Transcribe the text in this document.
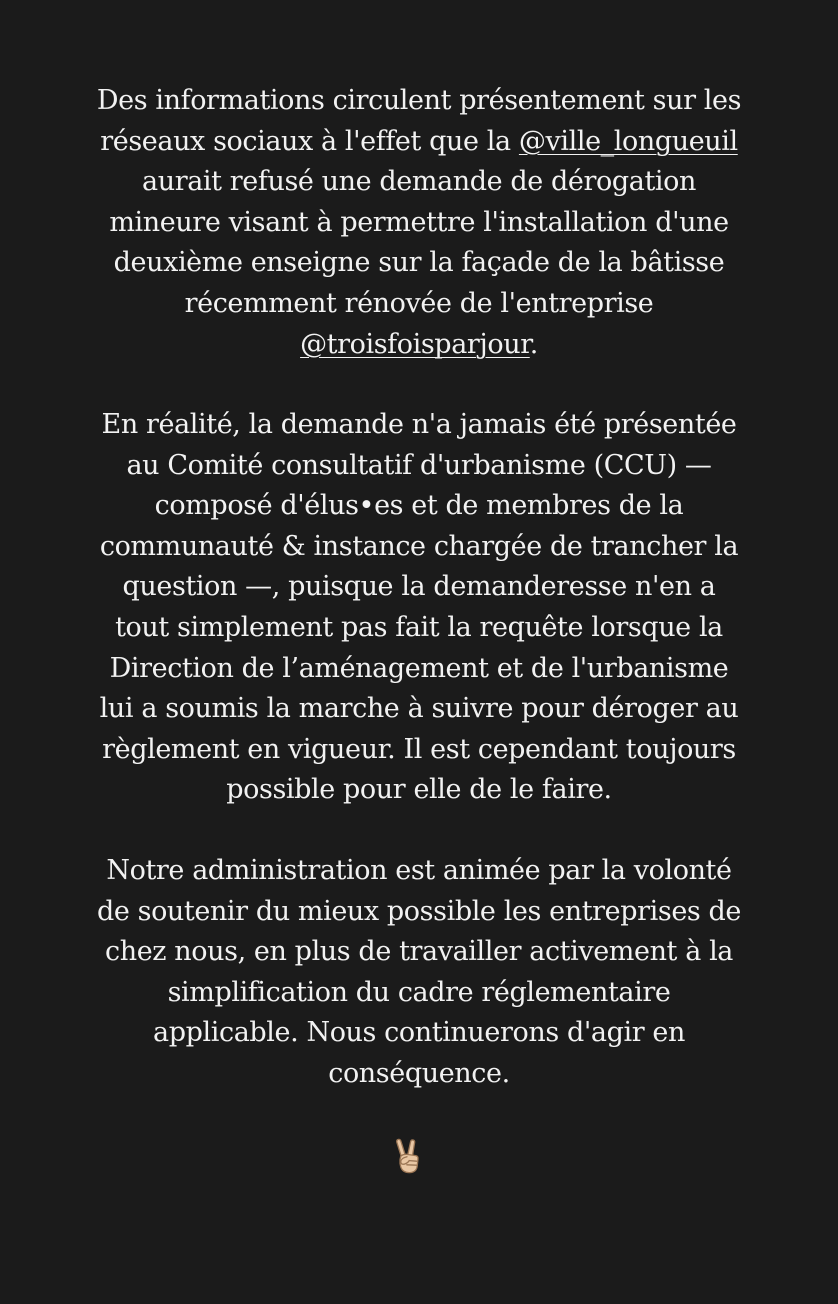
Des informations circulent présentement sur les
réseaux sociaux à l'effet que la @ville_longueuil
aurait refusé une demande de dérogation
mineure visant à permettre l'installation d'une
deuxième enseigne sur la façade de la bâtisse
récemment rénovée de l'entreprise
@troisfoisparjour.

En réalité, la demande n'a jamais été présentée
au Comité consultatif d'urbanisme (CCU) —
composé d'élus•es et de membres de la
communauté & instance chargée de trancher la
question —, puisque la demanderesse n'en a
tout simplement pas fait la requête lorsque la
Direction de l’aménagement et de l'urbanisme
lui a soumis la marche à suivre pour déroger au
règlement en vigueur. Il est cependant toujours
possible pour elle de le faire.

Notre administration est animée par la volonté
de soutenir du mieux possible les entreprises de
chez nous, en plus de travailler activement à la
simplification du cadre réglementaire
applicable. Nous continuerons d'agir en
conséquence.
